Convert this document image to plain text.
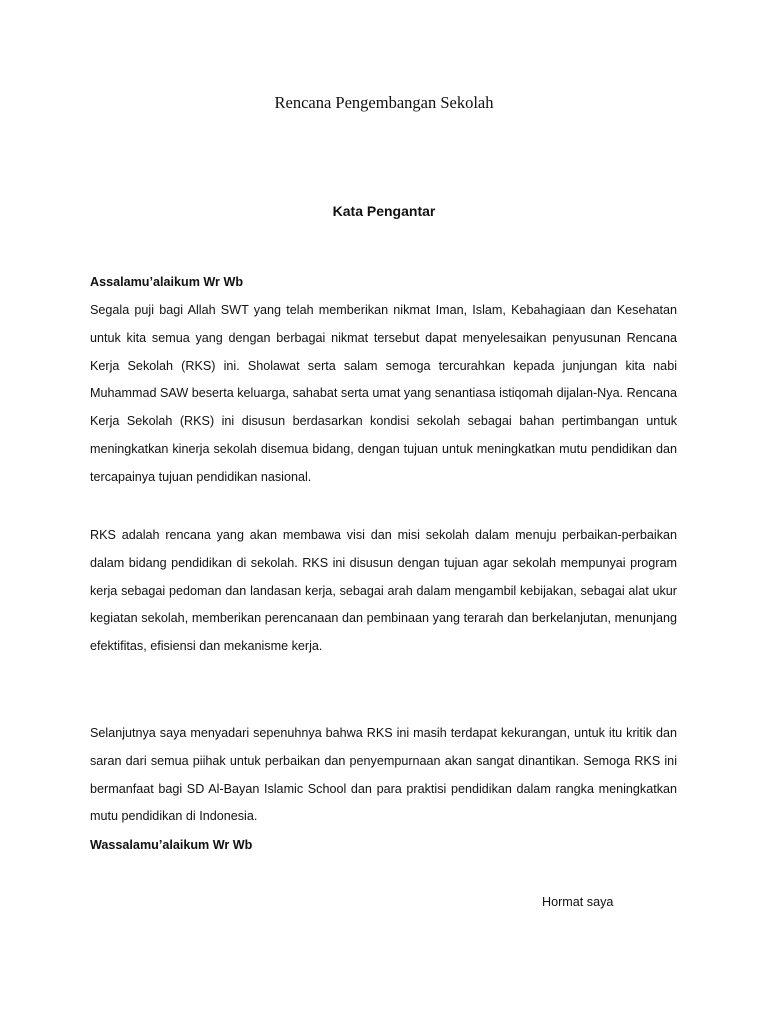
Rencana Pengembangan Sekolah
Kata Pengantar

Assalamu’alaikum Wr Wb

Segala puji bagi Allah SWT yang telah memberikan nikmat Iman, Islam, Kebahagiaan dan Kesehatan untuk kita semua yang dengan berbagai nikmat tersebut dapat menyelesaikan penyusunan Rencana Kerja Sekolah (RKS) ini. Sholawat serta salam semoga tercurahkan kepada junjungan kita nabi Muhammad SAW beserta keluarga, sahabat serta umat yang senantiasa istiqomah dijalan-Nya. Rencana Kerja Sekolah (RKS) ini disusun berdasarkan kondisi sekolah sebagai bahan pertimbangan untuk meningkatkan kinerja sekolah disemua bidang, dengan tujuan untuk meningkatkan mutu pendidikan dan tercapainya tujuan pendidikan nasional.

RKS adalah rencana yang akan membawa visi dan misi sekolah dalam menuju perbaikan-perbaikan dalam bidang pendidikan di sekolah. RKS ini disusun dengan tujuan agar sekolah mempunyai program kerja sebagai pedoman dan landasan kerja, sebagai arah dalam mengambil kebijakan, sebagai alat ukur kegiatan sekolah, memberikan perencanaan dan pembinaan yang terarah dan berkelanjutan, menunjang efektifitas, efisiensi dan mekanisme kerja.

Selanjutnya saya menyadari sepenuhnya bahwa RKS ini masih terdapat kekurangan, untuk itu kritik dan saran dari semua piihak untuk perbaikan dan penyempurnaan akan sangat dinantikan. Semoga RKS ini bermanfaat bagi SD Al-Bayan Islamic School dan para praktisi pendidikan dalam rangka meningkatkan mutu pendidikan di Indonesia.

Wassalamu’alaikum Wr Wb

Hormat saya
